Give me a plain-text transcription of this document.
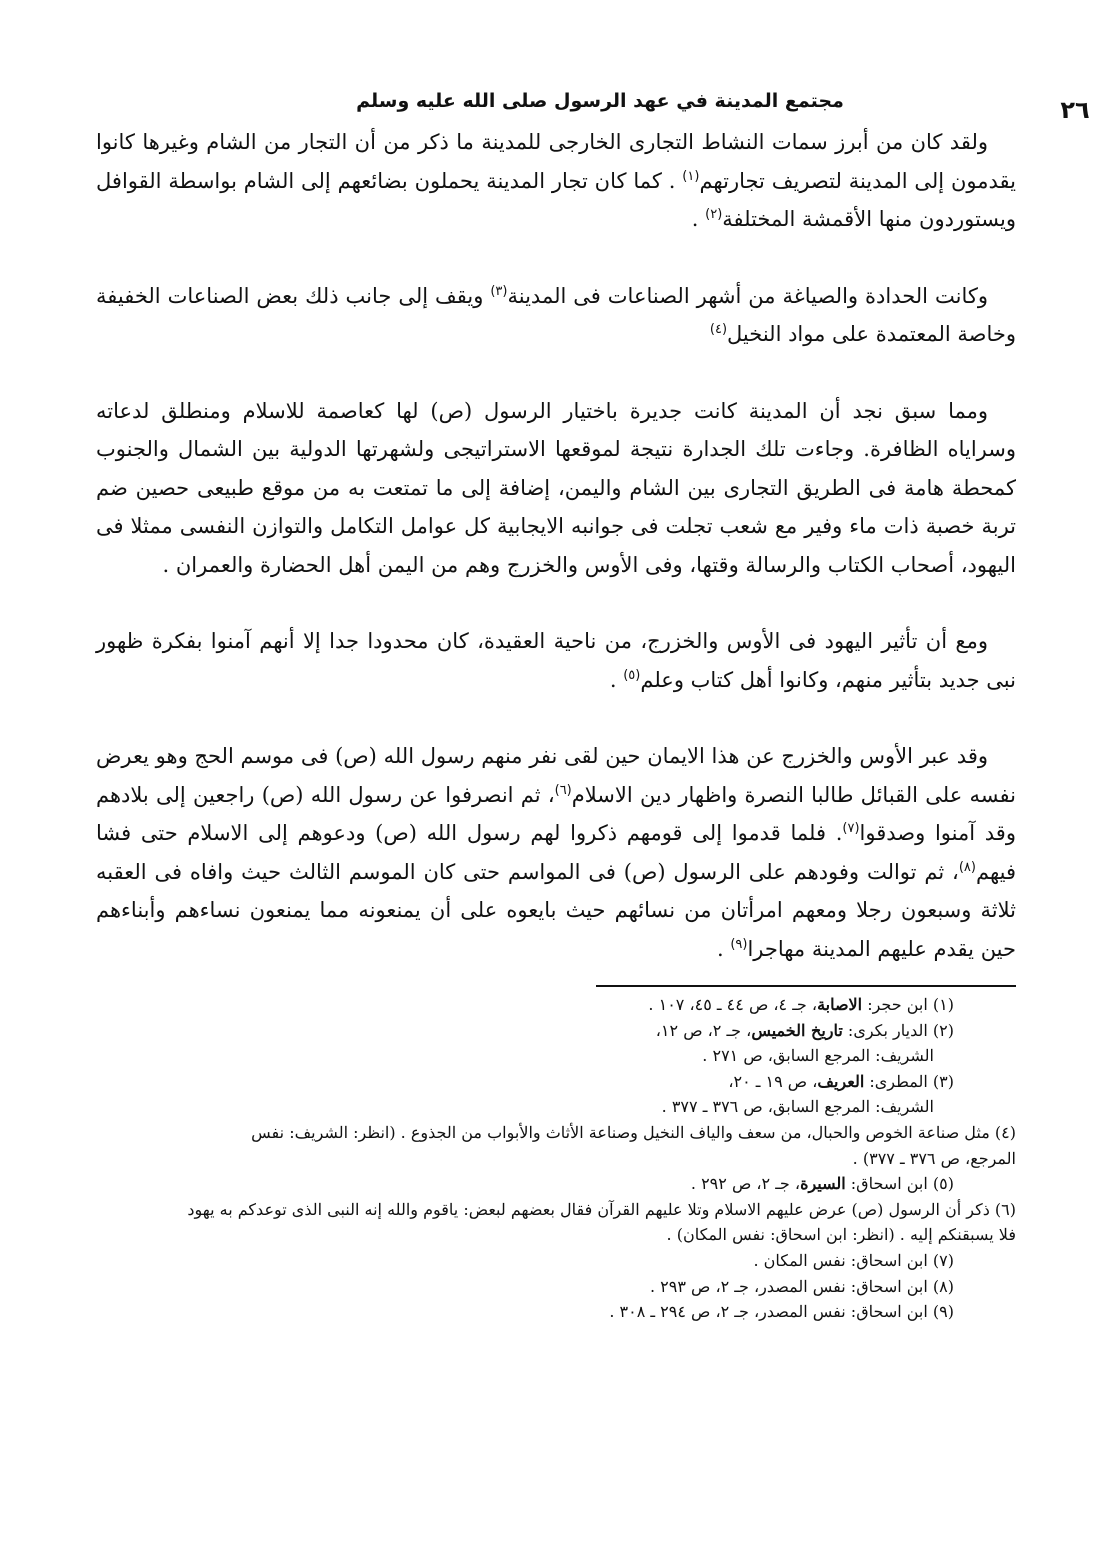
مجتمع المدينة في عهد الرسول صلى الله عليه وسلم	٢٦

ولقد كان من أبرز سمات النشاط التجارى الخارجى للمدينة ما ذكر من أن التجار من الشام وغيرها كانوا يقدمون إلى المدينة لتصريف تجارتهم$^{(١)}$ . كما كان تجار المدينة يحملون بضائعهم إلى الشام بواسطة القوافل ويستوردون منها الأقمشة المختلفة$^{(٢)}$ .

وكانت الحدادة والصياغة من أشهر الصناعات فى المدينة$^{(٣)}$ ويقف إلى جانب ذلك بعض الصناعات الخفيفة وخاصة المعتمدة على مواد النخيل$^{(٤)}$

ومما سبق نجد أن المدينة كانت جديرة باختيار الرسول (ص) لها كعاصمة للاسلام ومنطلق لدعاته وسراياه الظافرة. وجاءت تلك الجدارة نتيجة لموقعها الاستراتيجى ولشهرتها الدولية بين الشمال والجنوب كمحطة هامة فى الطريق التجارى بين الشام واليمن، إضافة إلى ما تمتعت به من موقع طبيعى حصين ضم تربة خصبة ذات ماء وفير مع شعب تجلت فى جوانبه الايجابية كل عوامل التكامل والتوازن النفسى ممثلا فى اليهود، أصحاب الكتاب والرسالة وقتها، وفى الأوس والخزرج وهم من اليمن أهل الحضارة والعمران .

ومع أن تأثير اليهود فى الأوس والخزرج، من ناحية العقيدة، كان محدودا جدا إلا أنهم آمنوا بفكرة ظهور نبى جديد بتأثير منهم، وكانوا أهل كتاب وعلم$^{(٥)}$ .

وقد عبر الأوس والخزرج عن هذا الايمان حين لقى نفر منهم رسول الله (ص) فى موسم الحج وهو يعرض نفسه على القبائل طالبا النصرة واظهار دين الاسلام$^{(٦)}$، ثم انصرفوا عن رسول الله (ص) راجعين إلى بلادهم وقد آمنوا وصدقوا$^{(٧)}$. فلما قدموا إلى قومهم ذكروا لهم رسول الله (ص) ودعوهم إلى الاسلام حتى فشا فيهم$^{(٨)}$، ثم توالت وفودهم على الرسول (ص) فى المواسم حتى كان الموسم الثالث حيث وافاه فى العقبه ثلاثة وسبعون رجلا ومعهم امرأتان من نسائهم حيث بايعوه على أن يمنعونه مما يمنعون نساءهم وأبناءهم حين يقدم عليهم المدينة مهاجرا$^{(٩)}$ .

(١) ابن حجر: الاصابة، جـ ٤، ص ٤٤ ـ ٤٥، ١٠٧ .

(٢) الديار بكرى: تاريخ الخميس، جـ ٢، ص ١٢،

الشريف: المرجع السابق، ص ٢٧١ .

(٣) المطرى: العريف، ص ١٩ ـ ٢٠،

الشريف: المرجع السابق، ص ٣٧٦ ـ ٣٧٧ .

(٤) مثل صناعة الخوص والحبال، من سعف والياف النخيل وصناعة الأثاث والأبواب من الجذوع . (انظر: الشريف: نفس

المرجع، ص ٣٧٦ ـ ٣٧٧) .

(٥) ابن اسحاق: السيرة، جـ ٢، ص ٢٩٢ .

(٦) ذكر أن الرسول (ص) عرض عليهم الاسلام وتلا عليهم القرآن فقال بعضهم لبعض: ياقوم والله إنه النبى الذى توعدكم به يهود

فلا يسبقنكم إليه . (انظر: ابن اسحاق: نفس المكان) .

(٧) ابن اسحاق: نفس المكان .

(٨) ابن اسحاق: نفس المصدر، جـ ٢، ص ٢٩٣ .

(٩) ابن اسحاق: نفس المصدر، جـ ٢، ص ٢٩٤ ـ ٣٠٨ .
